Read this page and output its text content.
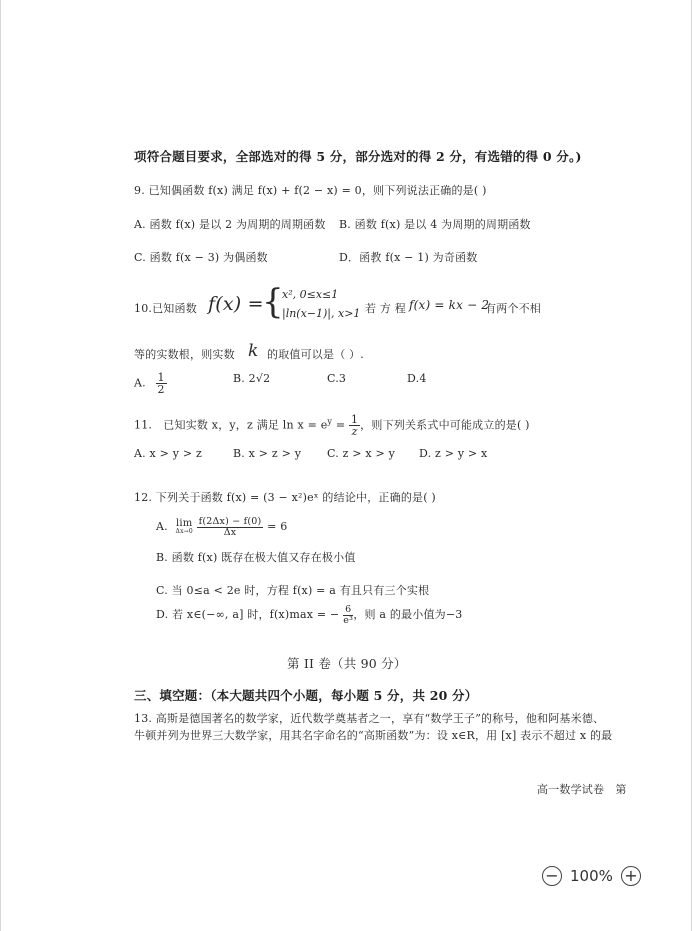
项符合题目要求，全部选对的得 5 分，部分选对的得 2 分，有选错的得 0 分。)
9. 已知偶函数 f(x) 满足 f(x) + f(2 − x) = 0，则下列说法正确的是( )
A. 函数 f(x) 是以 2 为周期的周期函数 B. 函数 f(x) 是以 4 为周期的周期函数
C. 函数 f(x − 3) 为偶函数	D．函教 f(x − 1) 为奇函数
10.已知函数 f(x) =
{
x², 0≤x≤1
|ln(x−1)|, x>1 若 方 程 f(x) = kx − 2
有两个不相
等的实数根，则实数 k 的取值可以是（ ）.
A. $\frac{1}{2}$	B. 2√2	C.3	D.4
11.　已知实数 x，y，z 满足 $\ln x = e^y = \frac{1}{z}$ ，则下列关系式中可能成立的是( )
A. x > y > z	B. x > z > y C. z > x > y D. z > y > x
12. 下列关于函数 f(x) = (3 − x²)eˣ 的结论中，正确的是( )
A. lim
Δx→0
$\frac{f(2\Delta x) - f(0)}{\Delta x} = 6$
B. 函数 f(x) 既存在极大值又存在极小值
C. 当 0≤a < 2e 时，方程 f(x) = a 有且只有三个实根
D. 若 x∈(−∞, a] 时，f(x)max = − $\frac{6}{\text{e³}}$ ，则 a 的最小值为−3
第 II 卷（共 90 分）
三、填空题：（本大题共四个小题，每小题 5 分，共 20 分）
13. 高斯是德国著名的数学家，近代数学奠基者之一，享有“数学王子”的称号，他和阿基米德、
牛顿并列为世界三大数学家，用其名字命名的“高斯函数”为：设 x∈R，用 [x] 表示不超过 x 的最
高一数学试卷　第
− 100% +
